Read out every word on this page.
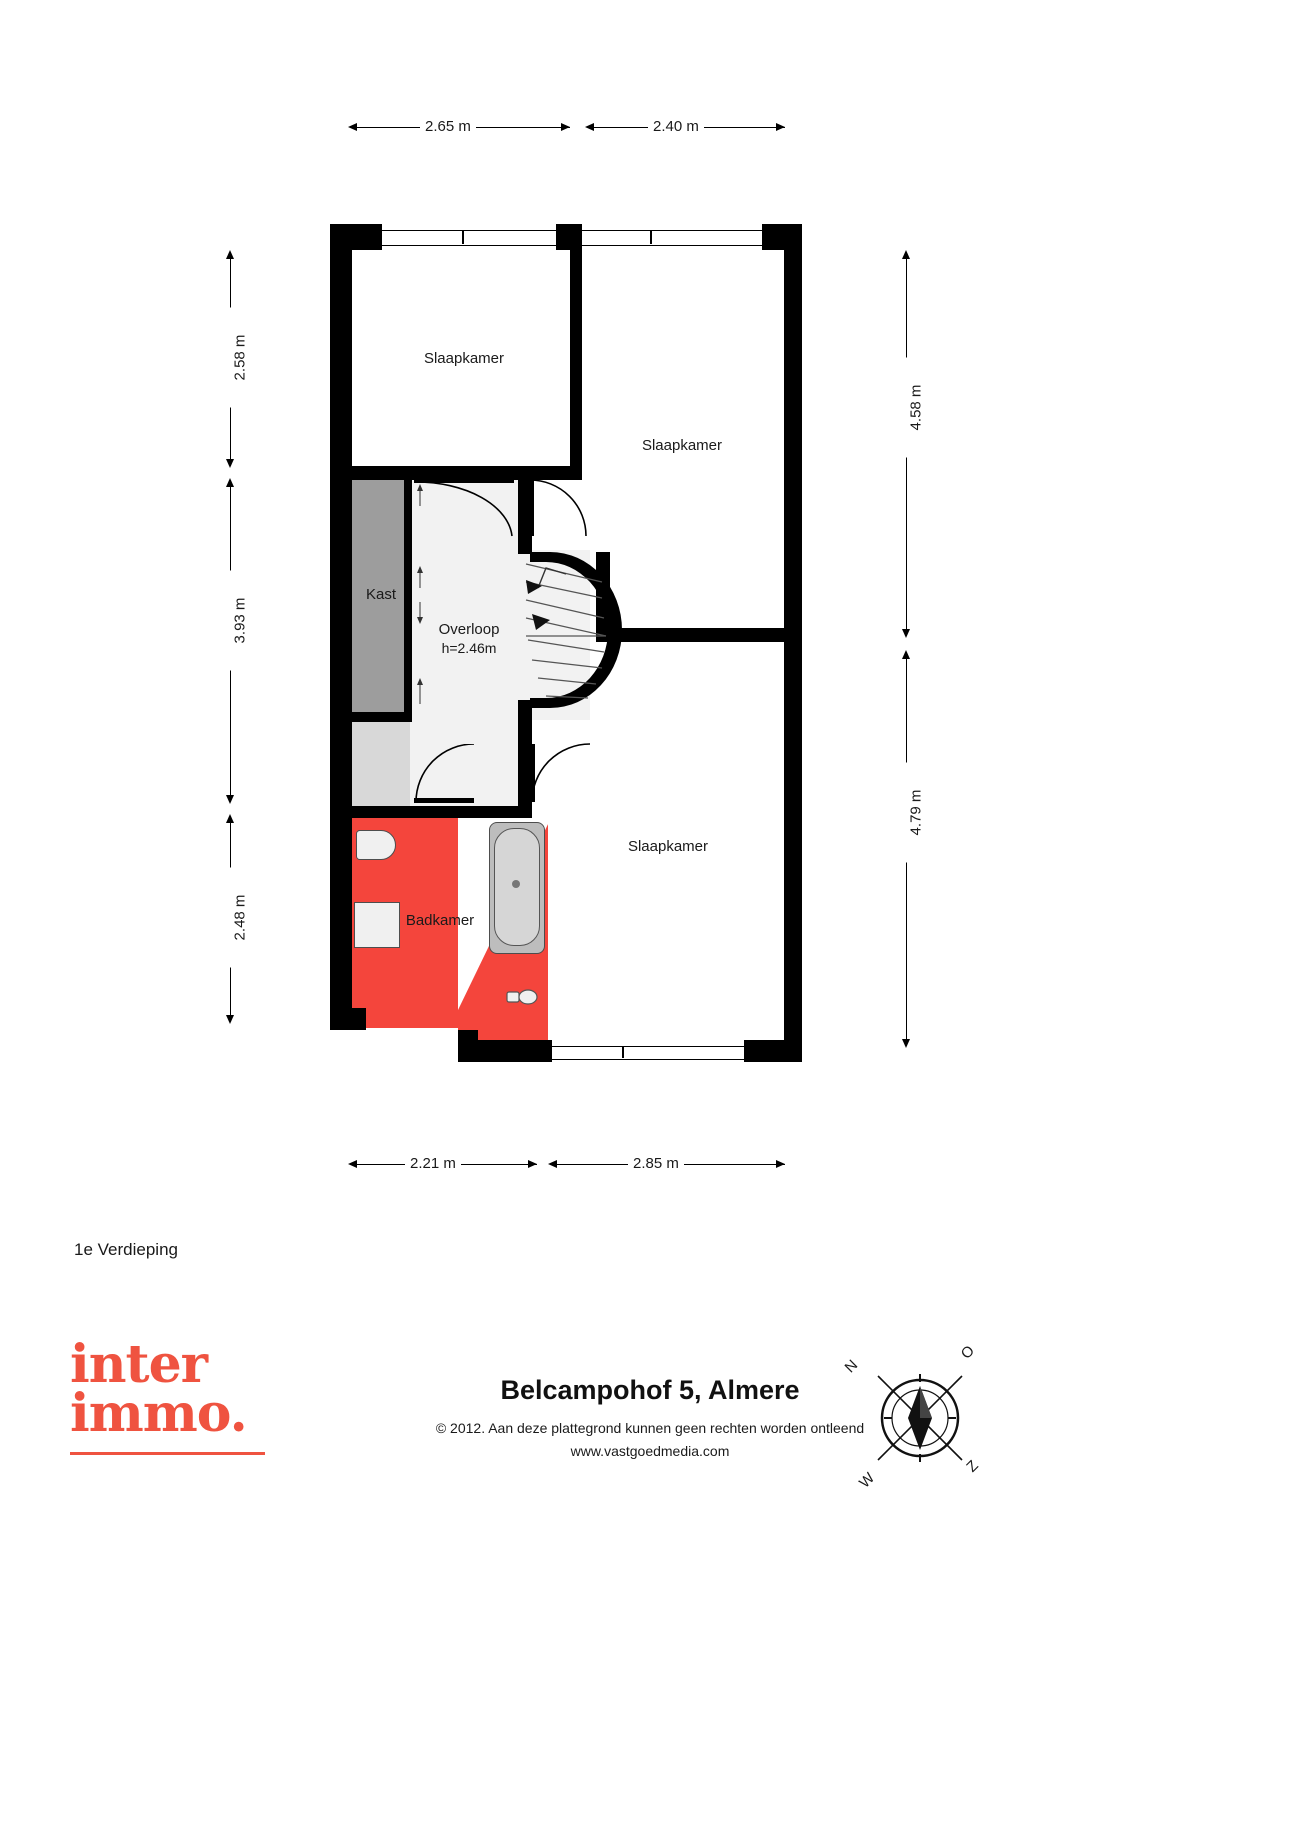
2.65 m	2.40 m
2.58 m
3.93 m
2.48 m
4.58 m
4.79 m
2.21 m	2.85 m
Slaapkamer
Slaapkamer
Kast
Overloop
h=2.46m
Badkamer
Slaapkamer
1e Verdieping
inter
immo.	Belcampohof 5, Almere
© 2012. Aan deze plattegrond kunnen geen rechten worden ontleend
www.vastgoedmedia.com
N
O
Z
W
